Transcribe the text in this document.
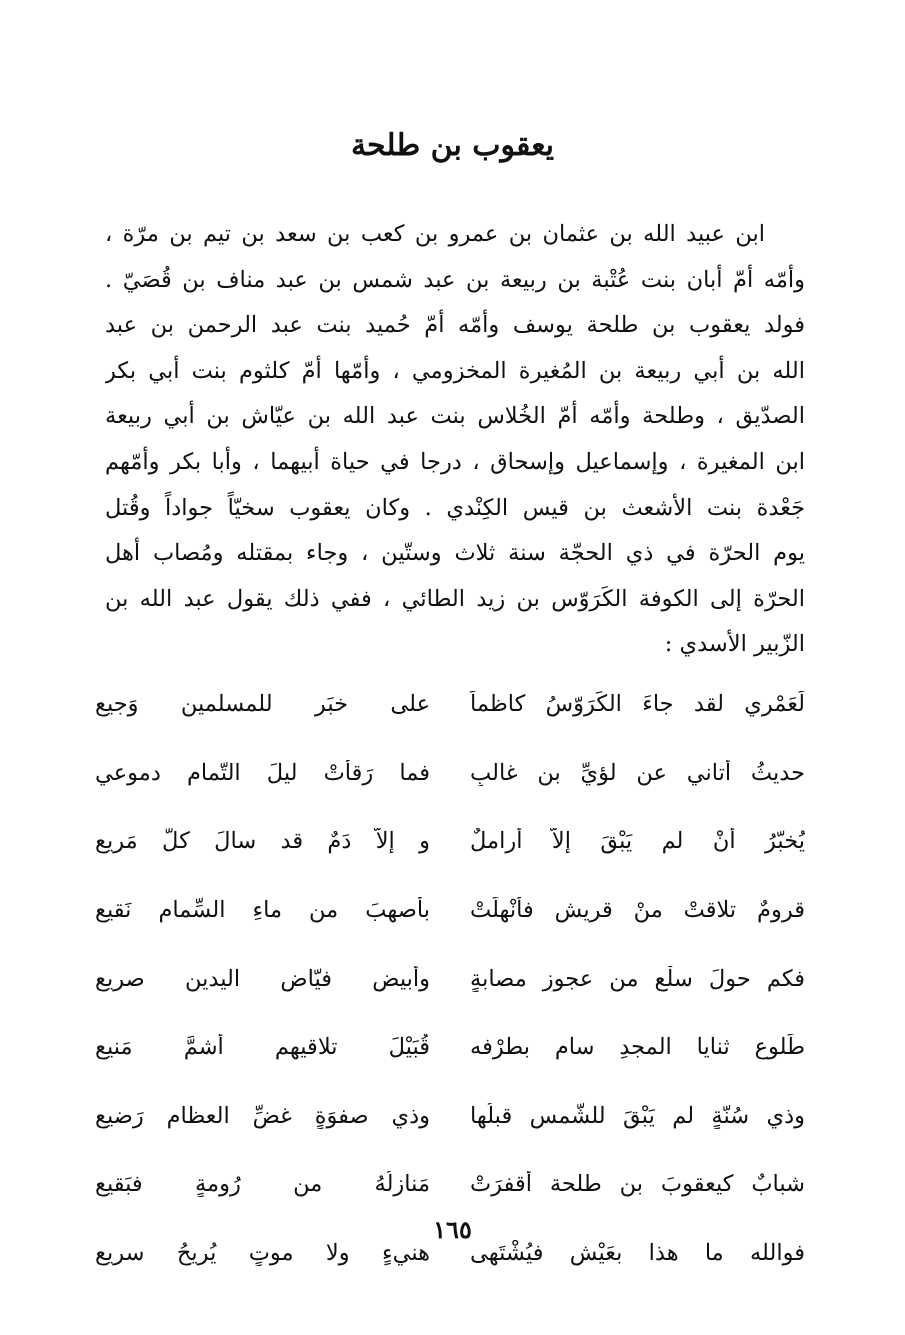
يعقوب بن طلحة
ابن عبيد الله بن عثمان بن عمرو بن كعب بن سعد بن تيم بن مرّة ،
وأمّه أمّ أبان بنت عُتْبة بن ربيعة بن عبد شمس بن عبد مناف بن قُصَيّ .
فولد يعقوب بن طلحة يوسف وأمّه أمّ حُميد بنت عبد الرحمن بن عبد
الله بن أبي ربيعة بن المُغيرة المخزومي ، وأمّها أمّ كلثوم بنت أبي بكر
الصدّيق ، وطلحة وأمّه أمّ الخُلاس بنت عبد الله بن عيّاش بن أبي ربيعة
ابن المغيرة ، وإسماعيل وإسحاق ، درجا في حياة أبيهما ، وأبا بكر وأمّهم
جَعْدة بنت الأشعث بن قيس الكِنْدي . وكان يعقوب سخيّاً جواداً وقُتل
يوم الحرّة في ذي الحجّة سنة ثلاث وستّين ، وجاء بمقتله ومُصاب أهل
الحرّة إلى الكوفة الكَرَوّس بن زيد الطائي ، ففي ذلك يقول عبد الله بن
الزّبير الأسدي :
لَعَمْري لقد جاءَ الكَرَوّسُ كاظماً
على خبَرٍ للمسلمين وَجيعِ
حديثُ أتاني عن لؤيِّ بن غالبٍ
فما رَقأتْ ليلَ التّمامِ دموعي
يُخبّرُ أنْ لم يَبْقَ إلاّ أراملٌ
و إلاّ دَمٌ قد سالَ كلُّ مَريعِ
قرومٌ تلاقتْ منْ قريشٍ فأُنْهِلَتْ
بأصهبَ من ماءِ السِّمامِ نَقيعِ
فكم حولَ سلْعٍ من عجوزٍ مصابةٍ
وأبيض فيّاض اليدين صريعِ
طَلوعِ ثنايا المجدِ سامٍ بطرْفه
قُبَيْلَ تلاقيهم أشمَّ مَنيعِ
وذي سُنّةٍ لم يَبْقَ للشّمسِ قبلُها
وذي صفوَةٍ غضِّ العظامِ رَضيعِ
شبابٌ كيعقوبَ بن طلحة أقفرَتْ
مَنازِلُهُ من رُومةٍ فبَقيعِ
فوالله ما هذا بعَيْشٍ فيُشْتَهى
هنيءٍ ولا موتٍ يُريحُ سريعِ
١٦٥
